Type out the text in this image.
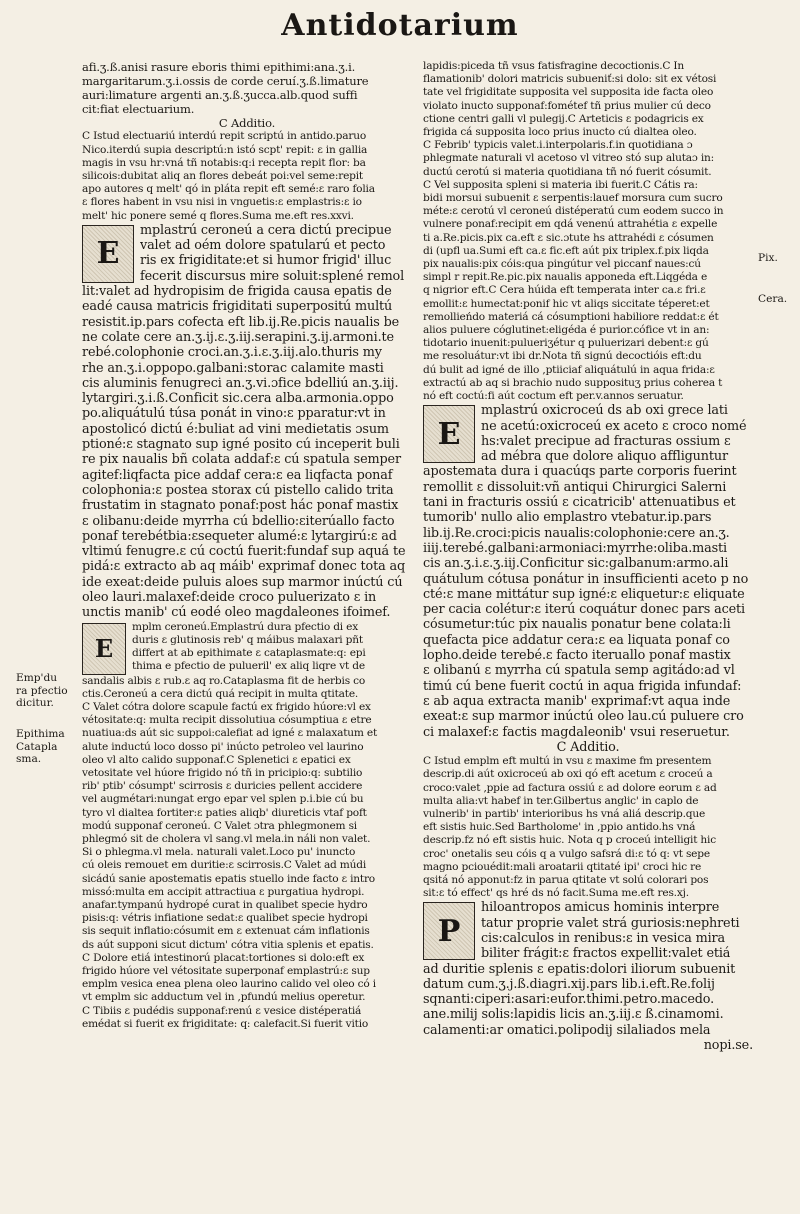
Antidotarium
Emp'du
ra pfectio
dicitur.
Epithima
Catapla
sma.
Pix.
Cera.
afi.ʒ.ß.anisi rasure eboris thimi epithimi:ana.ʒ.i.
margaritarum.ʒ.i.ossis de corde ceruí.ʒ.ß.limature
auri:limature argenti an.ʒ.ß.ʒucca.alb.quod suffi
cit:fiat electuarium.
C Additio.
C Istud electuariú interdú repit scriptú in antido.paruo
Nico.iterdú supia descriptú:n istó scpt' repit: ɛ in gallia
magis in vsu hr:vná tñ notabis:q:i recepta repit flor: ba
silicois:dubitat aliq an flores debeát poi:vel seme:repit
apo autores q melt' qó in pláta repit eft semé:ɛ raro folia
ɛ flores habent in vsu nisi in vnguetis:ɛ emplastris:ɛ io
melt' hic ponere semé q flores.Suma me.eft res.xxvi.
E
mplastrú ceroneú a cera dictú precipue
valet ad oém dolore spatularú et pecto
ris ex frigiditate:et si humor frigid' illuc
fecerit discursus mire soluit:splené remol
lit:valet ad hydropisim de frigida causa epatis de
eadé causa matricis frigiditati superpositú multú
resistit.ip.pars cofecta eft lib.ij.Re.picis naualis be
ne colate cere an.ʒ.ij.ɛ.ʒ.iij.serapini.ʒ.ij.armoni.te
rebé.colophonie croci.an.ʒ.i.ɛ.ʒ.iij.alo.thuris my
rhe an.ʒ.i.oppopo.galbani:storac calamite masti
cis aluminis fenugreci an.ʒ.vi.ɔfice bdelliú an.ʒ.iij.
lytargiri.ʒ.i.ß.Conficit sic.cera alba.armonia.oppo
po.aliquátulú túsa ponát in vino:ɛ pparatur:vt in
apostolicó dictú é:buliat ad vini medietatis ɔsum
ptioné:ɛ stagnato sup igné posito cú inceperit buli
re pix naualis bñ colata addaf:ɛ cú spatula semper
agitef:liqfacta pice addaf cera:ɛ ea liqfacta ponaf
colophonia:ɛ postea storax cú pistello calido trita
frustatim in stagnato ponaf:post hác ponaf mastix
ɛ olibanu:deide myrrha cú bdellio:ɛiterúallo facto
ponaf terebétbia:ɛsequeter alumé:ɛ lytargirú:ɛ ad
vltimú fenugre.ɛ cú coctú fuerit:fundaf sup aquá te
pidá:ɛ extracto ab aq máib' exprimaf donec tota aq
ide exeat:deide puluis aloes sup marmor inúctú cú
oleo lauri.malaxef:deide croco puluerizato ɛ in
unctis manib' cú eodé oleo magdaleones ifoimef.
E
mplm ceroneú.Emplastrú dura pfectio di ex
duris ɛ glutinosis reb' q máibus malaxari pñt
differt at ab epithimate ɛ cataplasmate:q: epi
thima e pfectio de pulueril' ex aliq liqre vt de
sandalis albis ɛ rub.ɛ aq ro.Cataplasma fit de herbis co
ctis.Ceroneú a cera dictú quá recipit in multa qtitate.
C Valet cótra dolore scapule factú ex frigido húore:vl ex
vétositate:q: multa recipit dissolutiua cósumptiua ɛ etre
nuatiua:ds aút sic suppoi:calefiat ad igné ɛ malaxatum et
alute inductú loco dosso pi' inúcto petroleo vel laurino
oleo vl alto calido supponaf.C Splenetici ɛ epatici ex
vetositate vel húore frigido nó tñ in pricipio:q: subtilio
rib' ptib' cósumpt' scirrosis ɛ duricies pellent accidere
vel augmétari:nungat ergo epar vel splen p.i.bie cú bu
tyro vl dialtea fortiter:ɛ paties aliqb' diureticis vtaf poft
modú supponaf ceroneú. C Valet ɔtra phlegmonem si
phlegmó sit de cholera vl sang.vl mela.in náli non valet.
Si o phlegma.vl mela. naturali valet.Loco pu' inuncto
cú oleis remouet em duritie:ɛ scirrosis.C Valet ad múdi
sicádú sanie apostematis epatis stuello inde facto ɛ intro
missó:multa em accipit attractiua ɛ purgatiua hydropi.
anafar.tympanú hydropé curat in qualibet specie hydro
pisis:q: vétris infiatione sedat:ɛ qualibet specie hydropi
sis sequit inflatio:cósumit em ɛ extenuat cám inflationis
ds aút supponi sicut dictum' cótra vitia splenis et epatis.
C Dolore etiá intestinorú placat:tortiones si dolo:eft ex
frigido húore vel vétositate superponaf emplastrú:ɛ sup
emplm vesica enea plena oleo laurino calido vel oleo có i
vt emplm sic adductum vel in ,pfundú melius operetur.
C Tibiis ɛ pudédis supponaf:renú ɛ vesice distéperatiá
emédat si fuerit ex frigiditate: q: calefacit.Si fuerit vitio
lapidis:piceda tñ vsus fatisfragine decoctionis.C In
flamationib' dolori matricis subueniť:si dolo: sit ex vétosi
tate vel frigiditate supposita vel supposita ide facta oleo
violato inucto supponaf:fométef tñ prius mulier cú deco
ctione centri galli vl pulegij.C Arteticis ɛ podagricis ex
frigida cá supposita loco prius inucto cú dialtea oleo.
C Febrib' typicis valet.i.interpolaris.f.in quotidiana ɔ
phlegmate naturali vl acetoso vl vitreo stó sup alutaɔ in:
ductú cerotú si materia quotidiana tñ nó fuerit cósumit.
C Vel supposita spleni si materia ibi fuerit.C Cátis ra:
bidi morsui subuenit ɛ serpentis:lauef morsura cum sucro
méte:ɛ cerotú vl ceroneú distéperatú cum eodem succo in
vulnere ponaf:recipit em qdá venenú attrahétia ɛ expelle
ti a.Re.picis.pix ca.eft ɛ sic.ɔtute hs attrahédi ɛ cósumen
di (upfl ua.Sumi eft ca.ɛ fic.eft aút pix triplex.f.pix liqda
pix naualis:pix cóis:qua pingútur vel piccanf naues:cú
simpl r repit.Re.pic.pix naualis apponeda eft.Liqgéda e
q nigrior eft.C Cera húida eft temperata inter ca.ɛ fri.ɛ
emollit:ɛ humectat:ponif hic vt aliqs siccitate téperet:et
remollieńdo materiá cá cósumptioni habiliore reddat:ɛ ét
alios puluere cóglutinet:eligéda é purior.cófice vt in an:
tidotario inuenit:pulueriʒétur q puluerizari debent:ɛ gú
me resoluátur:vt ibi dr.Nota tñ signú decoctióis eft:du
dú bulit ad igné de illo ,ptiiciaf aliquátulú in aqua frida:ɛ
extractú ab aq si brachio nudo supposituʒ prius coherea t
nó eft coctú:fi aút coctum eft per.v.annos seruatur.
E
mplastrú oxicroceú ds ab oxi grece lati
ne acetú:oxicroceú ex aceto ɛ croco nomé
hs:valet precipue ad fracturas ossium ɛ
ad mébra que dolore aliquo affliguntur
apostemata dura i quacúqs parte corporis fuerint
remollit ɛ dissoluit:vñ antiqui Chirurgici Salerni
tani in fracturis ossiú ɛ cicatricib' attenuatibus et
tumorib' nullo alio emplastro vtebatur.ip.pars
lib.ij.Re.croci:picis naualis:colophonie:cere an.ʒ.
iiij.terebé.galbani:armoniaci:myrrhe:oliba.masti
cis an.ʒ.i.ɛ.ʒ.iij.Conficitur sic:galbanum:armo.ali
quátulum cótusa ponátur in insufficienti aceto p no
cté:ɛ mane mittátur sup igné:ɛ eliquetur:ɛ eliquate
per cacia colétur:ɛ iterú coquátur donec pars aceti
cósumetur:túc pix naualis ponatur bene colata:li
quefacta pice addatur cera:ɛ ea liquata ponaf co
lopho.deide terebé.ɛ facto iteruallo ponaf mastix
ɛ olibanú ɛ myrrha cú spatula semp agitádo:ad vl
timú cú bene fuerit coctú in aqua frigida infundaf:
ɛ ab aqua extracta manib' exprimaf:vt aqua inde
exeat:ɛ sup marmor inúctú oleo lau.cú puluere cro
ci malaxef:ɛ factis magdaleonib' vsui reseruetur.
C Additio.
C Istud emplm eft multú in vsu ɛ maxime fm presentem
descrip.di aút oxicroceú ab oxi qó eft acetum ɛ croceú a
croco:valet ,ppie ad factura ossiú ɛ ad dolore eorum ɛ ad
multa alia:vt habef in ter.Gilbertus anglic' in caplo de
vulnerib' in partib' interioribus hs vná aliá descrip.que
eft sistis huic.Sed Bartholome' in ,ppio antido.hs vná
descrip.fz nó eft sistis huic. Nota q p croceú intelligit hic
croc' onetalis seu cóis q a vulgo safsrá di:ɛ tó q: vt sepe
magno pciouédit:mali aroatarii qtitaté ipi' croci hic re
qsitá nó apponut:fz in parua qtitate vt solú colorari pos
sit:ɛ tó effect' qs hré ds nó facit.Suma me.eft res.xj.
P
hiloantropos amicus hominis interpre
tatur proprie valet strá guriosis:nephreti
cis:calculos in renibus:ɛ in vesica mira
biliter frágit:ɛ fractos expellit:valet etiá
ad duritie splenis ɛ epatis:dolori iliorum subuenit
datum cum.ʒ.j.ß.diagri.xij.pars lib.i.eft.Re.folij
sqnanti:ciperi:asari:eufor.thimi.petro.macedo.
ane.milij solis:lapidis licis an.ʒ.iij.ɛ ß.cinamomi.
calamenti:ar omatici.polipodij silaliados mela
nopi.se.
